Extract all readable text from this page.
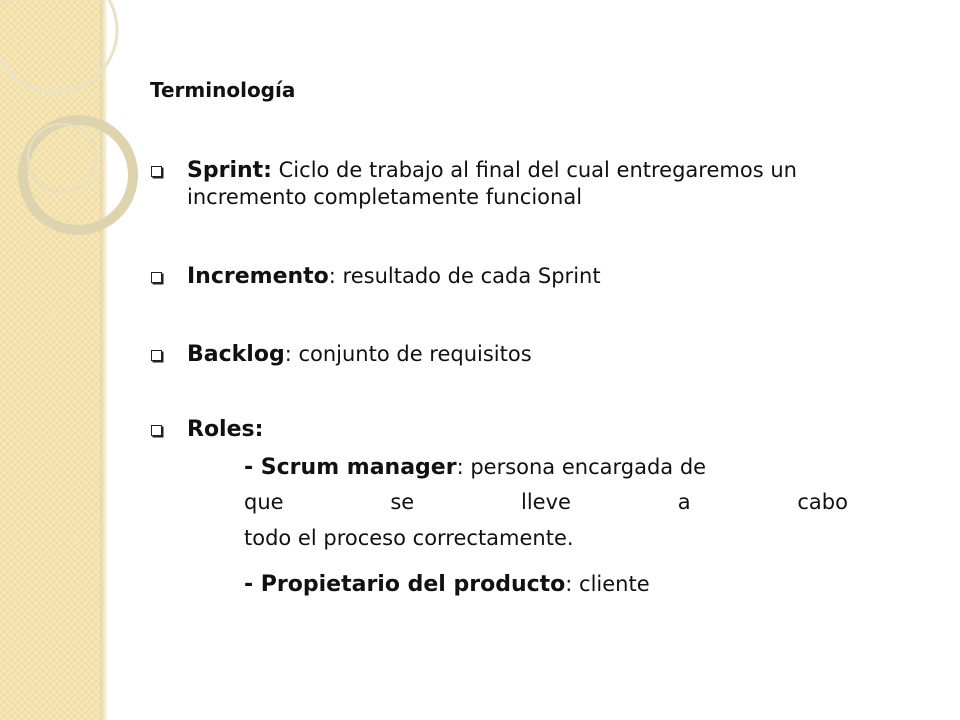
Terminología
Sprint: Ciclo de trabajo al final del cual entregaremos un incremento completamente funcional
Incremento: resultado de cada Sprint
Backlog: conjunto de requisitos
Roles:
- Scrum manager: persona encargada de
que	se	lleve	a	cabo
todo el proceso correctamente.
- Propietario del producto: cliente
